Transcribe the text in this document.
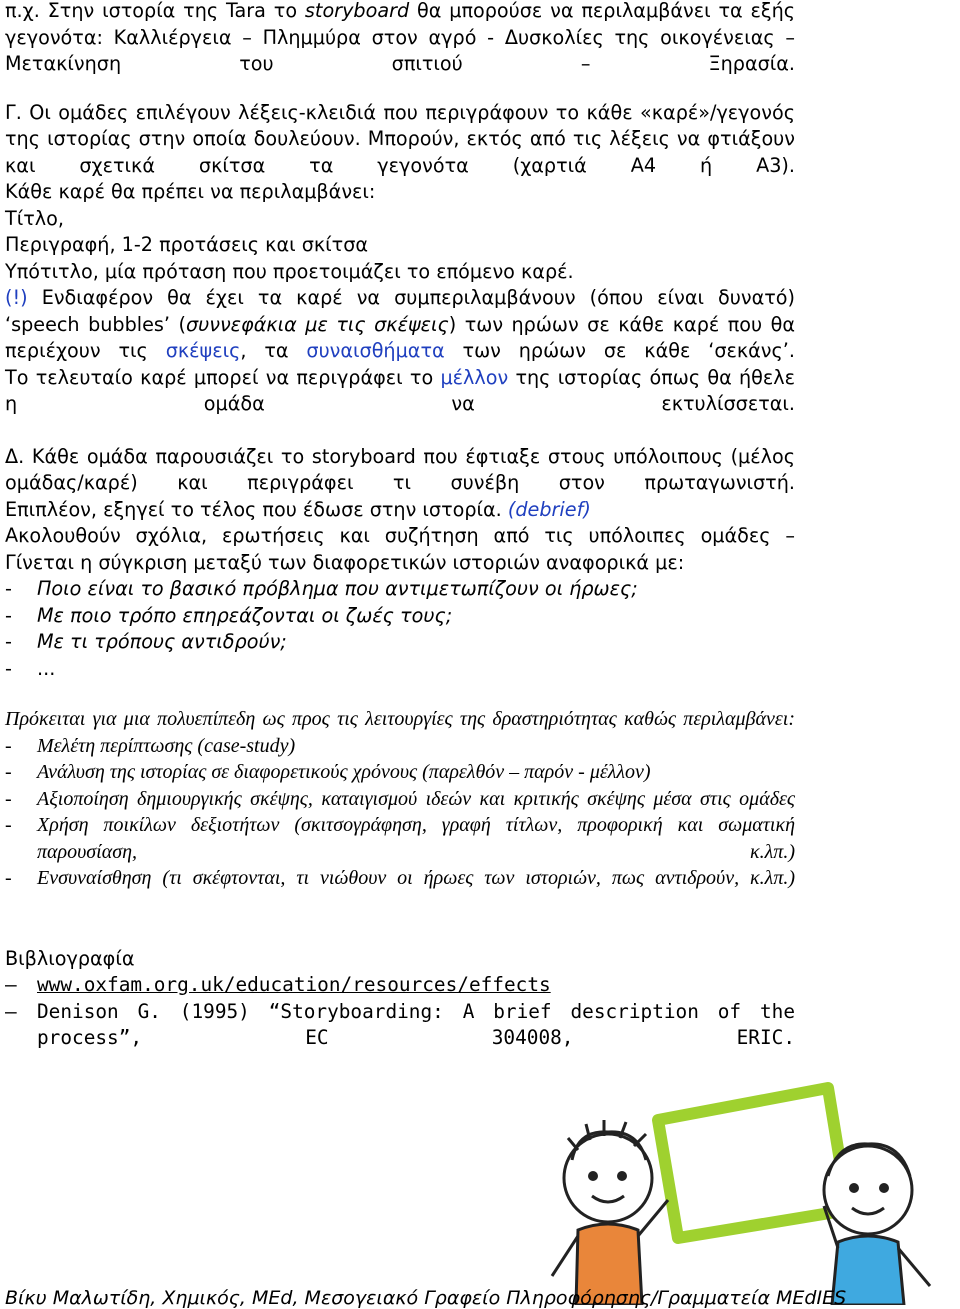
π.χ. Στην ιστορία της Tara το storyboard θα μπορούσε να περιλαμβάνει τα εξής γεγονότα: Καλλιέργεια – Πλημμύρα στον αγρό - Δυσκολίες της οικογένειας – Μετακίνηση του σπιτιού – Ξηρασία.

Γ. Οι ομάδες επιλέγουν λέξεις-κλειδιά που περιγράφουν το κάθε «καρέ»/γεγονός της ιστορίας στην οποία δουλεύουν. Μπορούν, εκτός από τις λέξεις να φτιάξουν και σχετικά σκίτσα τα γεγονότα (χαρτιά Α4 ή Α3).

Κάθε καρέ θα πρέπει να περιλαμβάνει:

Τίτλο,

Περιγραφή, 1-2 προτάσεις και σκίτσα

Υπότιτλο, μία πρόταση που προετοιμάζει το επόμενο καρέ.

(!) Ενδιαφέρον θα έχει τα καρέ να συμπεριλαμβάνουν (όπου είναι δυνατό) ‘speech bubbles’ (συννεφάκια με τις σκέψεις) των ηρώων σε κάθε καρέ που θα περιέχουν τις σκέψεις, τα συναισθήματα των ηρώων σε κάθε ‘σεκάνς’.

Το τελευταίο καρέ μπορεί να περιγράφει το μέλλον της ιστορίας όπως θα ήθελε η ομάδα να εκτυλίσσεται.

Δ. Κάθε ομάδα παρουσιάζει το storyboard που έφτιαξε στους υπόλοιπους (μέλος ομάδας/καρέ) και περιγράφει τι συνέβη στον πρωταγωνιστή.

Επιπλέον, εξηγεί το τέλος που έδωσε στην ιστορία. (debrief)

Ακολουθούν σχόλια, ερωτήσεις και συζήτηση από τις υπόλοιπες ομάδες –

Γίνεται η σύγκριση μεταξύ των διαφορετικών ιστοριών αναφορικά με:

-	Ποιο είναι το βασικό πρόβλημα που αντιμετωπίζουν οι ήρωες;
-	Με ποιο τρόπο επηρεάζονται οι ζωές τους;
-	Με τι τρόπους αντιδρούν;
-	...

Πρόκειται για μια πολυεπίπεδη ως προς τις λειτουργίες της δραστηριότητας καθώς περιλαμβάνει:

-	Μελέτη περίπτωσης (case-study)
-	Ανάλυση της ιστορίας σε διαφορετικούς χρόνους (παρελθόν – παρόν - μέλλον)
-	Αξιοποίηση δημιουργικής σκέψης, καταιγισμού ιδεών και κριτικής σκέψης μέσα στις ομάδες
-	Χρήση ποικίλων δεξιοτήτων (σκιτσογράφηση, γραφή τίτλων, προφορική και σωματική παρουσίαση, κ.λπ.)
-	Ενσυναίσθηση (τι σκέφτονται, τι νιώθουν οι ήρωες των ιστοριών, πως αντιδρούν, κ.λπ.)

Βιβλιογραφία

–	www.oxfam.org.uk/education/resources/effects
–	Denison G. (1995) “Storyboarding: A brief description of the process”, EC 304008, ERIC.
Βίκυ Μαλωτίδη, Χημικός, MEd, Μεσογειακό Γραφείο Πληροφόρησης/Γραμματεία MEdIES
